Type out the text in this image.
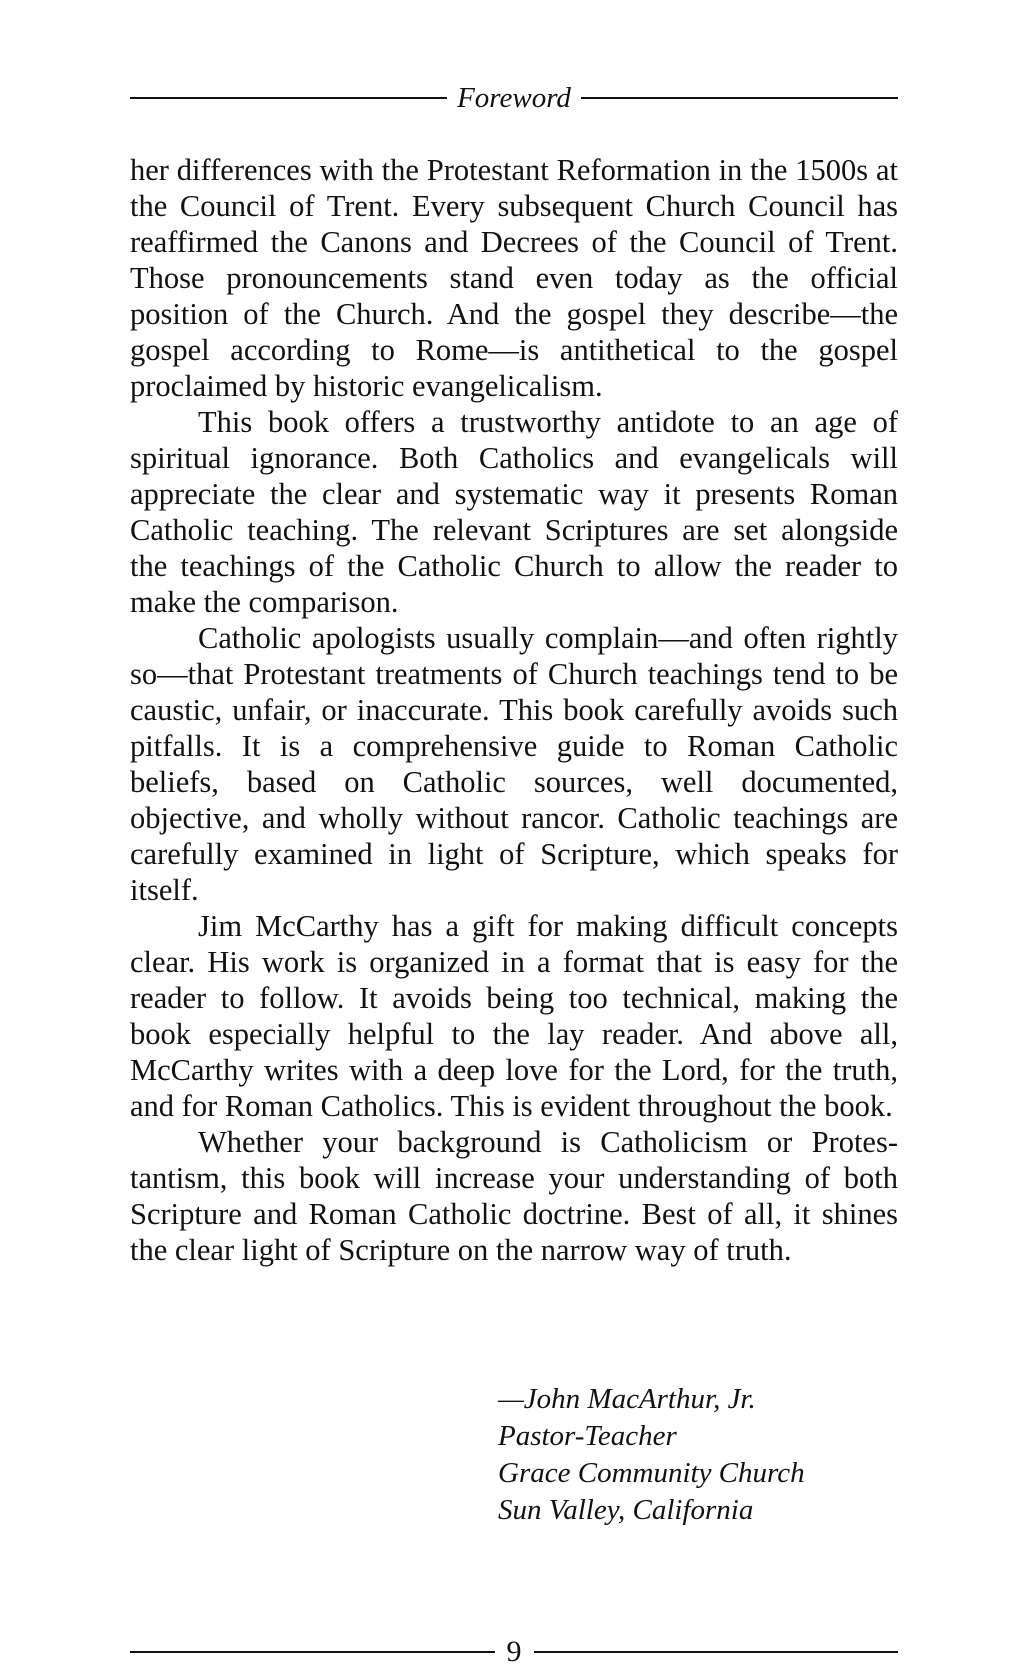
Foreword

her differences with the Protestant Reformation in the 1500s at the Council of Trent. Every subsequent Church Council has reaffirmed the Canons and Decrees of the Council of Trent. Those pronouncements stand even today as the official position of the Church. And the gospel they describe—the gospel according to Rome—is antithetical to the gospel proclaimed by historic evangelicalism.

This book offers a trustworthy antidote to an age of spiritual ignorance. Both Catholics and evangelicals will appreciate the clear and systematic way it presents Roman Catholic teaching. The relevant Scriptures are set alongside the teachings of the Catholic Church to allow the reader to make the comparison.

Catholic apologists usually complain—and often rightly so—that Protestant treatments of Church teachings tend to be caustic, unfair, or inaccurate. This book carefully avoids such pitfalls. It is a comprehensive guide to Roman Catholic beliefs, based on Catholic sources, well documented, objective, and wholly without rancor. Catholic teachings are carefully examined in light of Scripture, which speaks for itself.

Jim McCarthy has a gift for making difficult concepts clear. His work is organized in a format that is easy for the reader to follow. It avoids being too technical, making the book especially helpful to the lay reader. And above all, McCarthy writes with a deep love for the Lord, for the truth, and for Roman Catholics. This is evident throughout the book.

Whether your background is Catholicism or Protestantism, this book will increase your understanding of both Scripture and Roman Catholic doctrine. Best of all, it shines the clear light of Scripture on the narrow way of truth.

—John MacArthur, Jr.
Pastor-Teacher
Grace Community Church
Sun Valley, California
9
